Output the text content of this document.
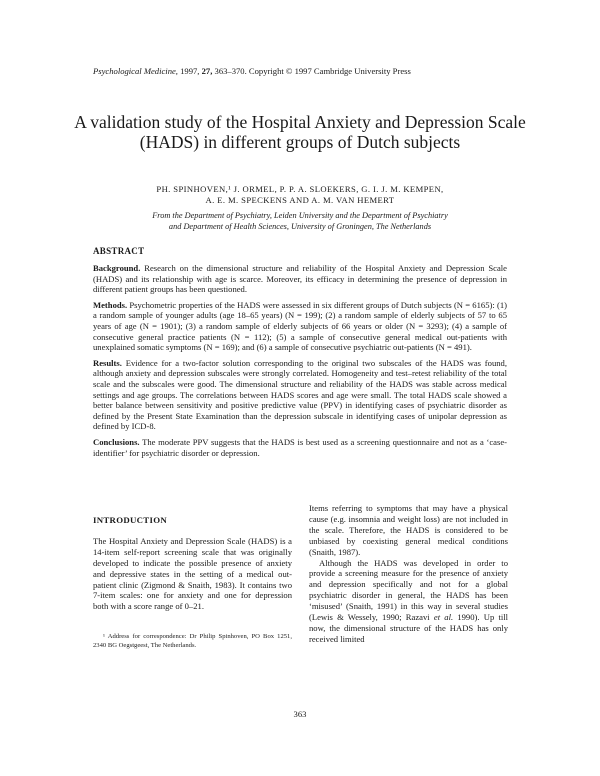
Psychological Medicine, 1997, 27, 363–370. Copyright © 1997 Cambridge University Press
A validation study of the Hospital Anxiety and Depression Scale (HADS) in different groups of Dutch subjects
PH. SPINHOVEN,¹ J. ORMEL, P. P. A. SLOEKERS, G. I. J. M. KEMPEN,
A. E. M. SPECKENS AND A. M. VAN HEMERT
From the Department of Psychiatry, Leiden University and the Department of Psychiatry
and Department of Health Sciences, University of Groningen, The Netherlands
ABSTRACT

Background. Research on the dimensional structure and reliability of the Hospital Anxiety and Depression Scale (HADS) and its relationship with age is scarce. Moreover, its efficacy in determining the presence of depression in different patient groups has been questioned.

Methods. Psychometric properties of the HADS were assessed in six different groups of Dutch subjects (N = 6165): (1) a random sample of younger adults (age 18–65 years) (N = 199); (2) a random sample of elderly subjects of 57 to 65 years of age (N = 1901); (3) a random sample of elderly subjects of 66 years or older (N = 3293); (4) a sample of consecutive general practice patients (N = 112); (5) a sample of consecutive general medical out-patients with unexplained somatic symptoms (N = 169); and (6) a sample of consecutive psychiatric out-patients (N = 491).

Results. Evidence for a two-factor solution corresponding to the original two subscales of the HADS was found, although anxiety and depression subscales were strongly correlated. Homogeneity and test–retest reliability of the total scale and the subscales were good. The dimensional structure and reliability of the HADS was stable across medical settings and age groups. The correlations between HADS scores and age were small. The total HADS scale showed a better balance between sensitivity and positive predictive value (PPV) in identifying cases of psychiatric disorder as defined by the Present State Examination than the depression subscale in identifying cases of unipolar depression as defined by ICD-8.

Conclusions. The moderate PPV suggests that the HADS is best used as a screening questionnaire and not as a ‘case-identifier’ for psychiatric disorder or depression.

INTRODUCTION

The Hospital Anxiety and Depression Scale (HADS) is a 14-item self-report screening scale that was originally developed to indicate the possible presence of anxiety and depressive states in the setting of a medical out-patient clinic (Zigmond & Snaith, 1983). It contains two 7-item scales: one for anxiety and one for depression both with a score range of 0–21.

Items referring to symptoms that may have a physical cause (e.g. insomnia and weight loss) are not included in the scale. Therefore, the HADS is considered to be unbiased by coexisting general medical conditions (Snaith, 1987).

Although the HADS was developed in order to provide a screening measure for the presence of anxiety and depression specifically and not for a global psychiatric disorder in general, the HADS has been ‘misused’ (Snaith, 1991) in this way in several studies (Lewis & Wessely, 1990; Razavi et al. 1990). Up till now, the dimensional structure of the HADS has only received limited

¹ Address for correspondence: Dr Philip Spinhoven, PO Box 1251, 2340 BG Oegstgeest, The Netherlands.
363
